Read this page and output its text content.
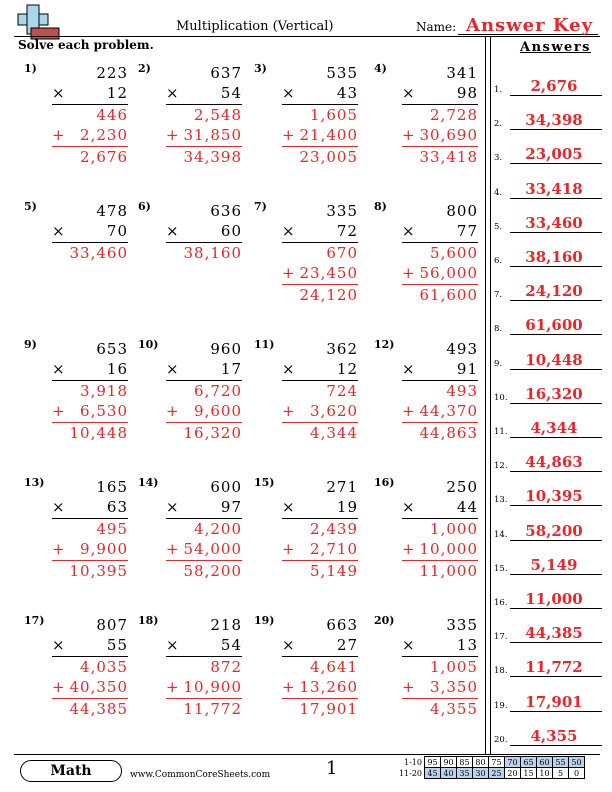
Multiplication (Vertical)	Name: Answer Key
Solve each problem.
1)	223
×	12
446
+ 2,230
2,676
2)	637
×	54
2,548
+ 31,850
34,398
3)	535
×	43
1,605
+ 21,400
23,005
4)	341
×	98
2,728
+ 30,690
33,418
5)	478
×	70
33,460
6)	636
×	60
38,160
7)	335
×	72
670
+ 23,450
24,120
8)	800
×	77
5,600
+ 56,000
61,600
9)	653
×	16
3,918
+ 6,530
10,448
10)	960
×	17
6,720
+ 9,600
16,320
11)	362
×	12
724
+ 3,620
4,344
12)	493
×	91
493
+ 44,370
44,863
13)	165
×	63
495
+ 9,900
10,395
14)	600
×	97
4,200
+ 54,000
58,200
15)	271
×	19
2,439
+ 2,710
5,149
16)	250
×	44
1,000
+ 10,000
11,000
17)	807
×	55
4,035
+ 40,350
44,385
18)	218
×	54
872
+ 10,900
11,772
19)	663
×	27
4,641
+ 13,260
17,901
20)	335
×	13
1,005
+ 3,350
4,355
Answers
1.	2,676
2.	34,398
3.	23,005
4.	33,418
5.	33,460
6.	38,160
7.	24,120
8.	61,600
9.	10,448
10.	16,320
11.	4,344
12.	44,863
13.	10,395
14.	58,200
15.	5,149
16.	11,000
17.	44,385
18.	11,772
19.	17,901
20.	4,355
Math	www.CommonCoreSheets.com	1	1-10	95	90	85	80	75	70	65	60	55	50
11-20	45	40	35	30	25	20	15	10	5	0
